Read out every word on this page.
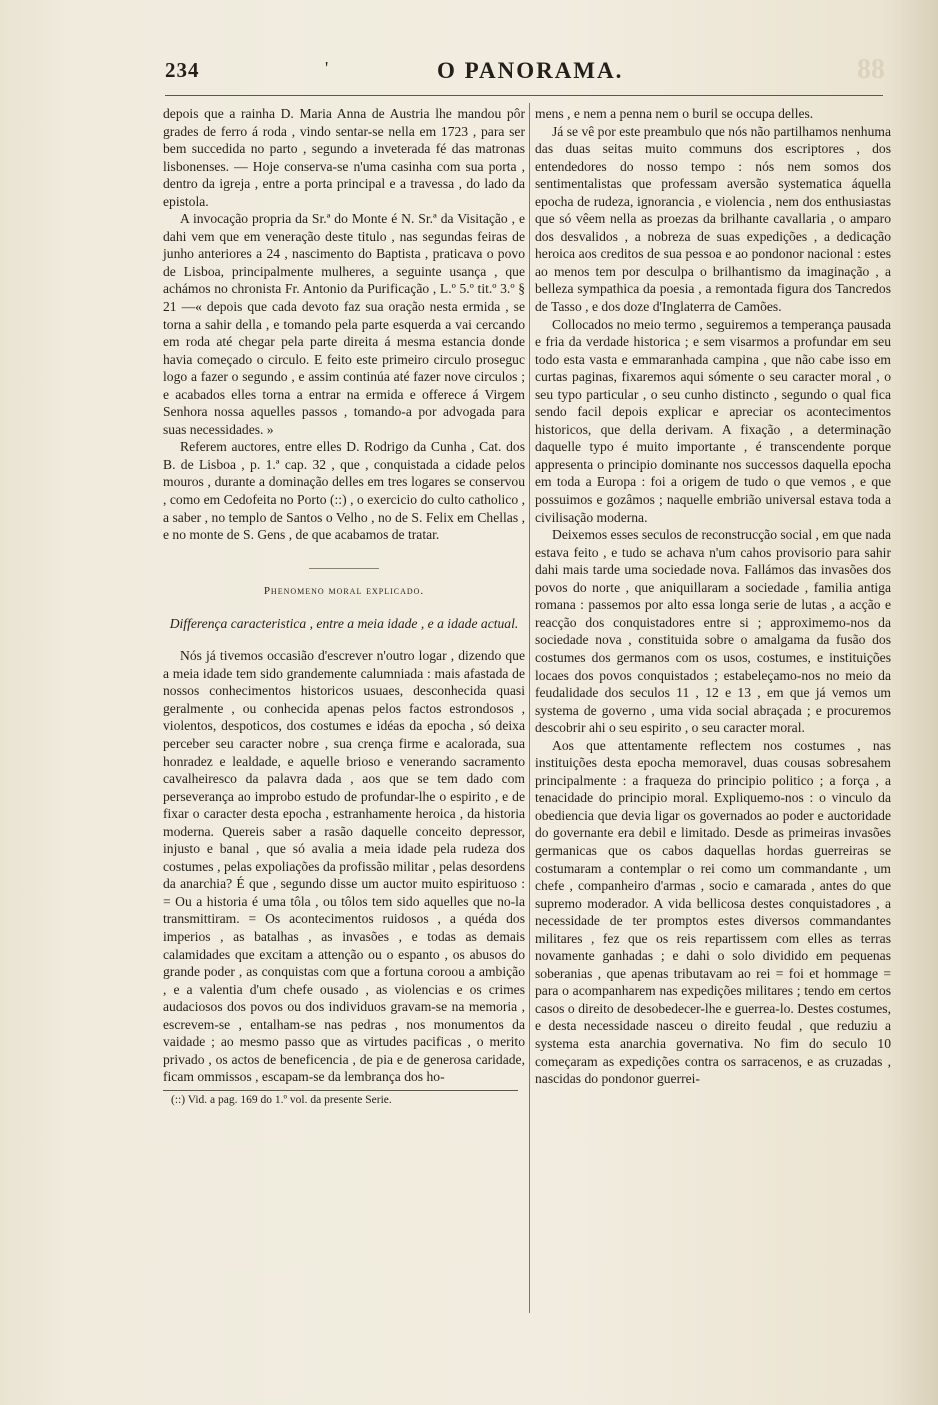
234	'	O PANORAMA.	88

depois que a rainha D. Maria Anna de Austria lhe mandou pôr grades de ferro á roda , vindo sentar-se nella em 1723 , para ser bem succedida no parto , segundo a inveterada fé das matronas lisbonenses. — Hoje conserva-se n'uma casinha com sua porta , dentro da igreja , entre a porta principal e a travessa , do lado da epistola.

A invocação propria da Sr.ª do Monte é N. Sr.ª da Visitação , e dahi vem que em veneração deste titulo , nas segundas feiras de junho anteriores a 24 , nascimento do Baptista , praticava o povo de Lisboa, principalmente mulheres, a seguinte usança , que achámos no chronista Fr. Antonio da Purificação , L.º 5.º tit.º 3.º § 21 —« depois que cada devoto faz sua oração nesta ermida , se torna a sahir della , e tomando pela parte esquerda a vai cercando em roda até chegar pela parte direita á mesma estancia donde havia começado o circulo. E feito este primeiro circulo proseguc logo a fazer o segundo , e assim continúa até fazer nove circulos ; e acabados elles torna a entrar na ermida e offerece á Virgem Senhora nossa aquelles passos , tomando-a por advogada para suas necessidades. »

Referem auctores, entre elles D. Rodrigo da Cunha , Cat. dos B. de Lisboa , p. 1.ª cap. 32 , que , conquistada a cidade pelos mouros , durante a dominação delles em tres logares se conservou , como em Cedofeita no Porto (::) , o exercicio do culto catholico , a saber , no templo de Santos o Velho , no de S. Felix em Chellas , e no monte de S. Gens , de que acabamos de tratar.

Phenomeno moral explicado.
Differença caracteristica , entre a meia idade , e a idade actual.

Nós já tivemos occasião d'escrever n'outro logar , dizendo que a meia idade tem sido grandemente calumniada : mais afastada de nossos conhecimentos historicos usuaes, desconhecida quasi geralmente , ou conhecida apenas pelos factos estrondosos , violentos, despoticos, dos costumes e idéas da epocha , só deixa perceber seu caracter nobre , sua crença firme e acalorada, sua honradez e lealdade, e aquelle brioso e venerando sacramento cavalheiresco da palavra dada , aos que se tem dado com perseverança ao improbo estudo de profundar-lhe o espirito , e de fixar o caracter desta epocha , estranhamente heroica , da historia moderna. Quereis saber a rasão daquelle conceito depressor, injusto e banal , que só avalia a meia idade pela rudeza dos costumes , pelas expoliações da profissão militar , pelas desordens da anarchia? É que , segundo disse um auctor muito espirituoso : = Ou a historia é uma tôla , ou tôlos tem sido aquelles que no-la transmittiram. = Os acontecimentos ruidosos , a quéda dos imperios , as batalhas , as invasões , e todas as demais calamidades que excitam a attenção ou o espanto , os abusos do grande poder , as conquistas com que a fortuna coroou a ambição , e a valentia d'um chefe ousado , as violencias e os crimes audaciosos dos povos ou dos individuos gravam-se na memoria , escrevem-se , entalham-se nas pedras , nos monumentos da vaidade ; ao mesmo passo que as virtudes pacificas , o merito privado , os actos de beneficencia , de pia e de generosa caridade, ficam ommissos , escapam-se da lembrança dos ho-

(::) Vid. a pag. 169 do 1.º vol. da presente Serie.

mens , e nem a penna nem o buril se occupa delles.

Já se vê por este preambulo que nós não partilhamos nenhuma das duas seitas muito communs dos escriptores , dos entendedores do nosso tempo : nós nem somos dos sentimentalistas que professam aversão systematica áquella epocha de rudeza, ignorancia , e violencia , nem dos enthusiastas que só vêem nella as proezas da brilhante cavallaria , o amparo dos desvalidos , a nobreza de suas expedições , a dedicação heroica aos creditos de sua pessoa e ao pondonor nacional : estes ao menos tem por desculpa o brilhantismo da imaginação , a belleza sympathica da poesia , a remontada figura dos Tancredos de Tasso , e dos doze d'Inglaterra de Camões.

Collocados no meio termo , seguiremos a temperança pausada e fria da verdade historica ; e sem visarmos a profundar em seu todo esta vasta e emmaranhada campina , que não cabe isso em curtas paginas, fixaremos aqui sómente o seu caracter moral , o seu typo particular , o seu cunho distincto , segundo o qual fica sendo facil depois explicar e apreciar os acontecimentos historicos, que della derivam. A fixação , a determinação daquelle typo é muito importante , é transcendente porque appresenta o principio dominante nos successos daquella epocha em toda a Europa : foi a origem de tudo o que vemos , e que possuimos e gozâmos ; naquelle embrião universal estava toda a civilisação moderna.

Deixemos esses seculos de reconstrucção social , em que nada estava feito , e tudo se achava n'um cahos provisorio para sahir dahi mais tarde uma sociedade nova. Fallámos das invasões dos povos do norte , que aniquillaram a sociedade , familia antiga romana : passemos por alto essa longa serie de lutas , a acção e reacção dos conquistadores entre si ; approximemo-nos da sociedade nova , constituida sobre o amalgama da fusão dos costumes dos germanos com os usos, costumes, e instituições locaes dos povos conquistados ; estabeleçamo-nos no meio da feudalidade dos seculos 11 , 12 e 13 , em que já vemos um systema de governo , uma vida social abraçada ; e procuremos descobrir ahi o seu espirito , o seu caracter moral.

Aos que attentamente reflectem nos costumes , nas instituições desta epocha memoravel, duas cousas sobresahem principalmente : a fraqueza do principio politico ; a força , a tenacidade do principio moral. Expliquemo-nos : o vinculo da obediencia que devia ligar os governados ao poder e auctoridade do governante era debil e limitado. Desde as primeiras invasões germanicas que os cabos daquellas hordas guerreiras se costumaram a contemplar o rei como um commandante , um chefe , companheiro d'armas , socio e camarada , antes do que supremo moderador. A vida bellicosa destes conquistadores , a necessidade de ter promptos estes diversos commandantes militares , fez que os reis repartissem com elles as terras novamente ganhadas ; e dahi o solo dividido em pequenas soberanias , que apenas tributavam ao rei = foi et hommage = para o acompanharem nas expedições militares ; tendo em certos casos o direito de desobedecer-lhe e guerrea-lo. Destes costumes, e desta necessidade nasceu o direito feudal , que reduziu a systema esta anarchia governativa. No fim do seculo 10 começaram as expedições contra os sarracenos, e as cruzadas , nascidas do pondonor guerrei-
